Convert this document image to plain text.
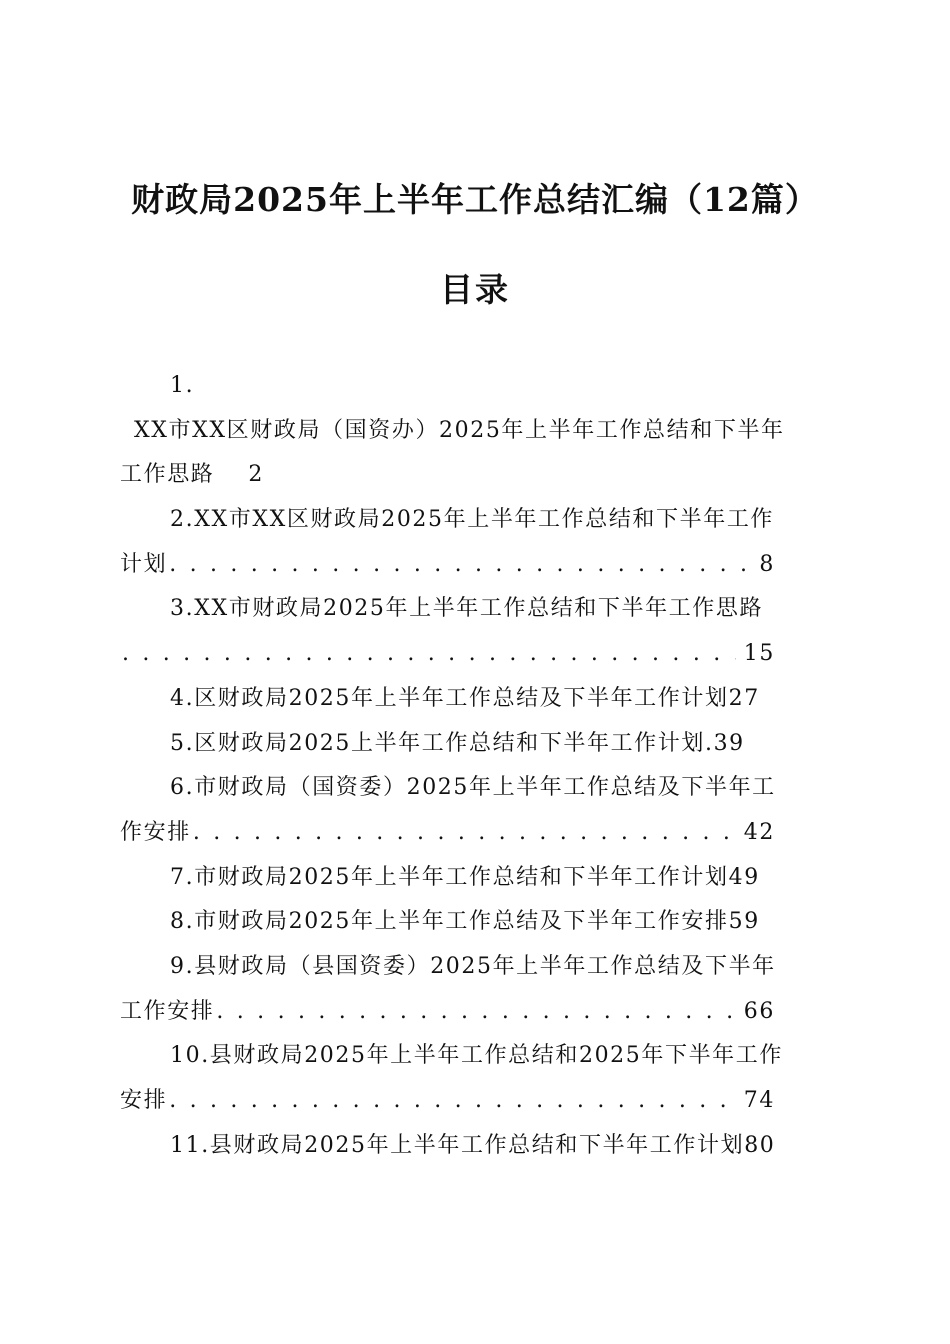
财政局2025年上半年工作总结汇编（12篇）
目录
1.
XX市XX区财政局（国资办）2025年上半年工作总结和下半年
工作思路 2
2.XX市XX区财政局2025年上半年工作总结和下半年工作
计划 . . .	8
3.XX市财政局2025年上半年工作总结和下半年工作思路
. . .
15
4.区财政局2025年上半年工作总结及下半年工作计划27
5.区财政局2025上半年工作总结和下半年工作计划.39
6.市财政局（国资委）2025年上半年工作总结及下半年工
作安排 . . .	42
7.市财政局2025年上半年工作总结和下半年工作计划49
8.市财政局2025年上半年工作总结及下半年工作安排59
9.县财政局（县国资委）2025年上半年工作总结及下半年
工作安排 . . .	66
10.县财政局2025年上半年工作总结和2025年下半年工作
安排 . . .	74
11.县财政局2025年上半年工作总结和下半年工作计划80
